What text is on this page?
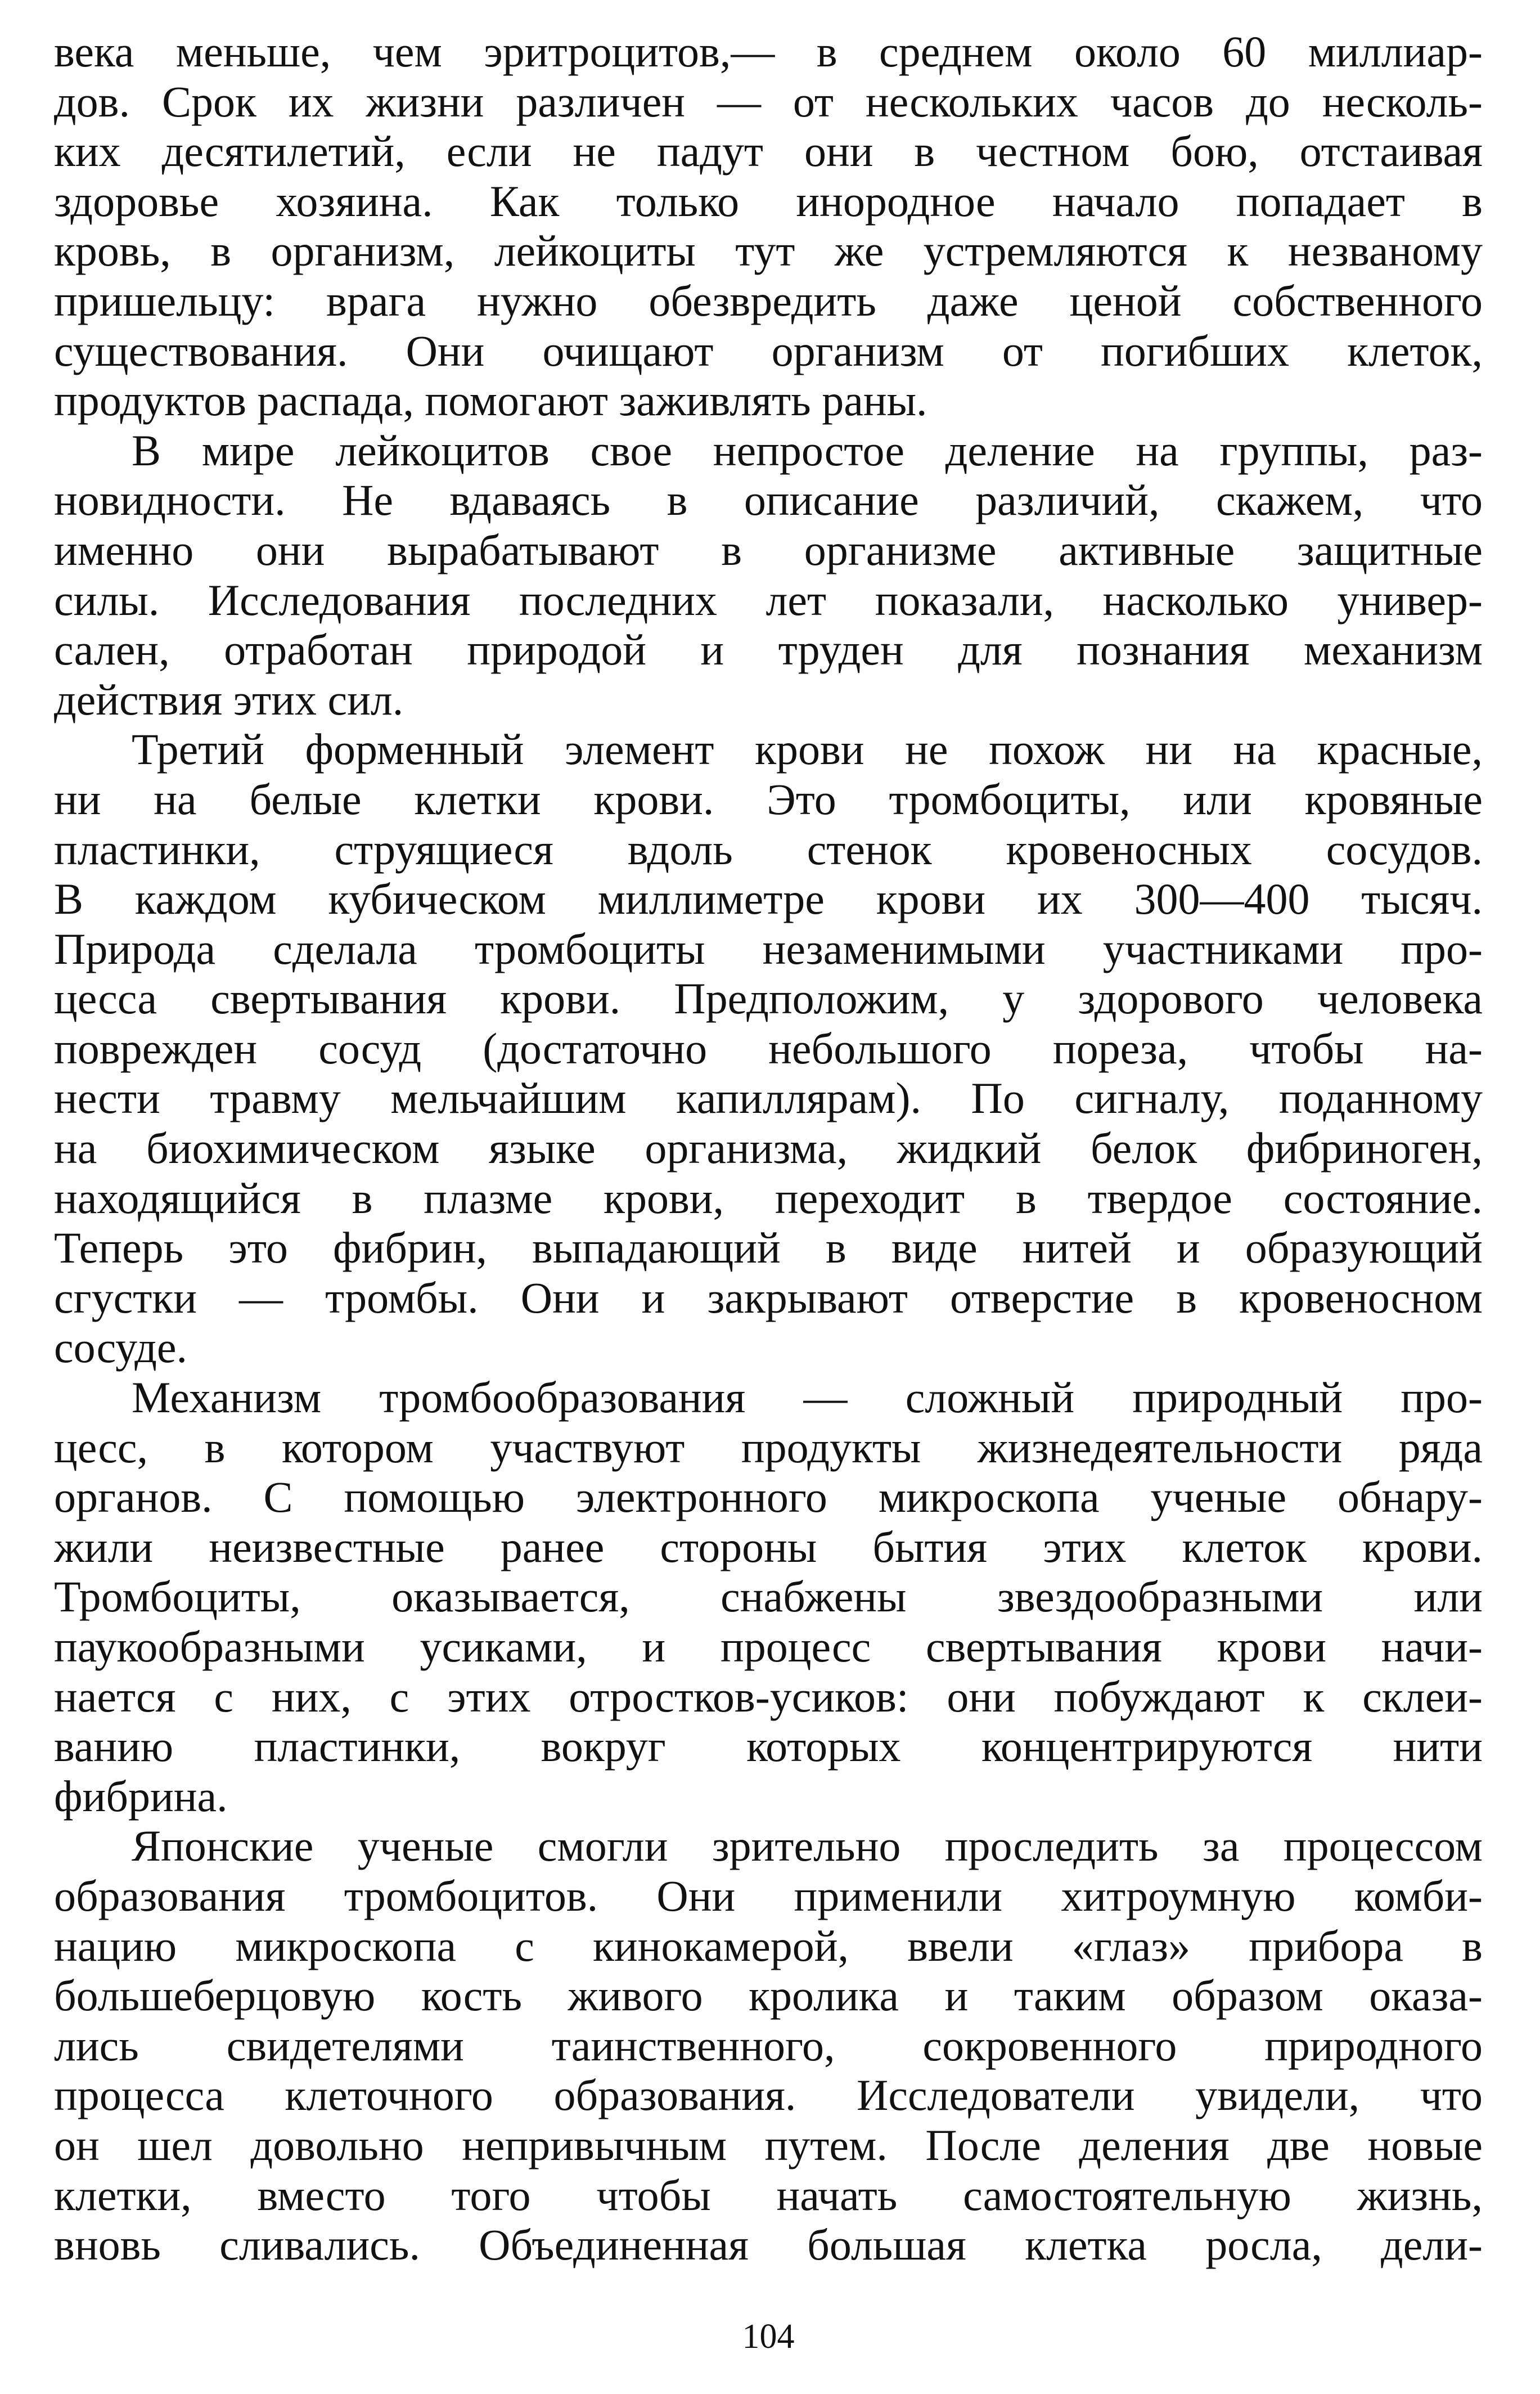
века меньше, чем эритроцитов,— в среднем около 60 миллиар-
дов. Срок их жизни различен — от нескольких часов до несколь-
ких десятилетий, если не падут они в честном бою, отстаивая
здоровье хозяина. Как только инородное начало попадает в
кровь, в организм, лейкоциты тут же устремляются к незваному
пришельцу: врага нужно обезвредить даже ценой собственного
существования. Они очищают организм от погибших клеток,
продуктов распада, помогают заживлять раны.
В мире лейкоцитов свое непростое деление на группы, раз-
новидности. Не вдаваясь в описание различий, скажем, что
именно они вырабатывают в организме активные защитные
силы. Исследования последних лет показали, насколько универ-
сален, отработан природой и труден для познания механизм
действия этих сил.
Третий форменный элемент крови не похож ни на красные,
ни на белые клетки крови. Это тромбоциты, или кровяные
пластинки, струящиеся вдоль стенок кровеносных сосудов.
В каждом кубическом миллиметре крови их 300—400 тысяч.
Природа сделала тромбоциты незаменимыми участниками про-
цесса свертывания крови. Предположим, у здорового человека
поврежден сосуд (достаточно небольшого пореза, чтобы на-
нести травму мельчайшим капиллярам). По сигналу, поданному
на биохимическом языке организма, жидкий белок фибриноген,
находящийся в плазме крови, переходит в твердое состояние.
Теперь это фибрин, выпадающий в виде нитей и образующий
сгустки — тромбы. Они и закрывают отверстие в кровеносном
сосуде.
Механизм тромбообразования — сложный природный про-
цесс, в котором участвуют продукты жизнедеятельности ряда
органов. С помощью электронного микроскопа ученые обнару-
жили неизвестные ранее стороны бытия этих клеток крови.
Тромбоциты, оказывается, снабжены звездообразными или
паукообразными усиками, и процесс свертывания крови начи-
нается с них, с этих отростков-усиков: они побуждают к склеи-
ванию пластинки, вокруг которых концентрируются нити
фибрина.
Японские ученые смогли зрительно проследить за процессом
образования тромбоцитов. Они применили хитроумную комби-
нацию микроскопа с кинокамерой, ввели «глаз» прибора в
большеберцовую кость живого кролика и таким образом оказа-
лись свидетелями таинственного, сокровенного природного
процесса клеточного образования. Исследователи увидели, что
он шел довольно непривычным путем. После деления две новые
клетки, вместо того чтобы начать самостоятельную жизнь,
вновь сливались. Объединенная большая клетка росла, дели-
104
